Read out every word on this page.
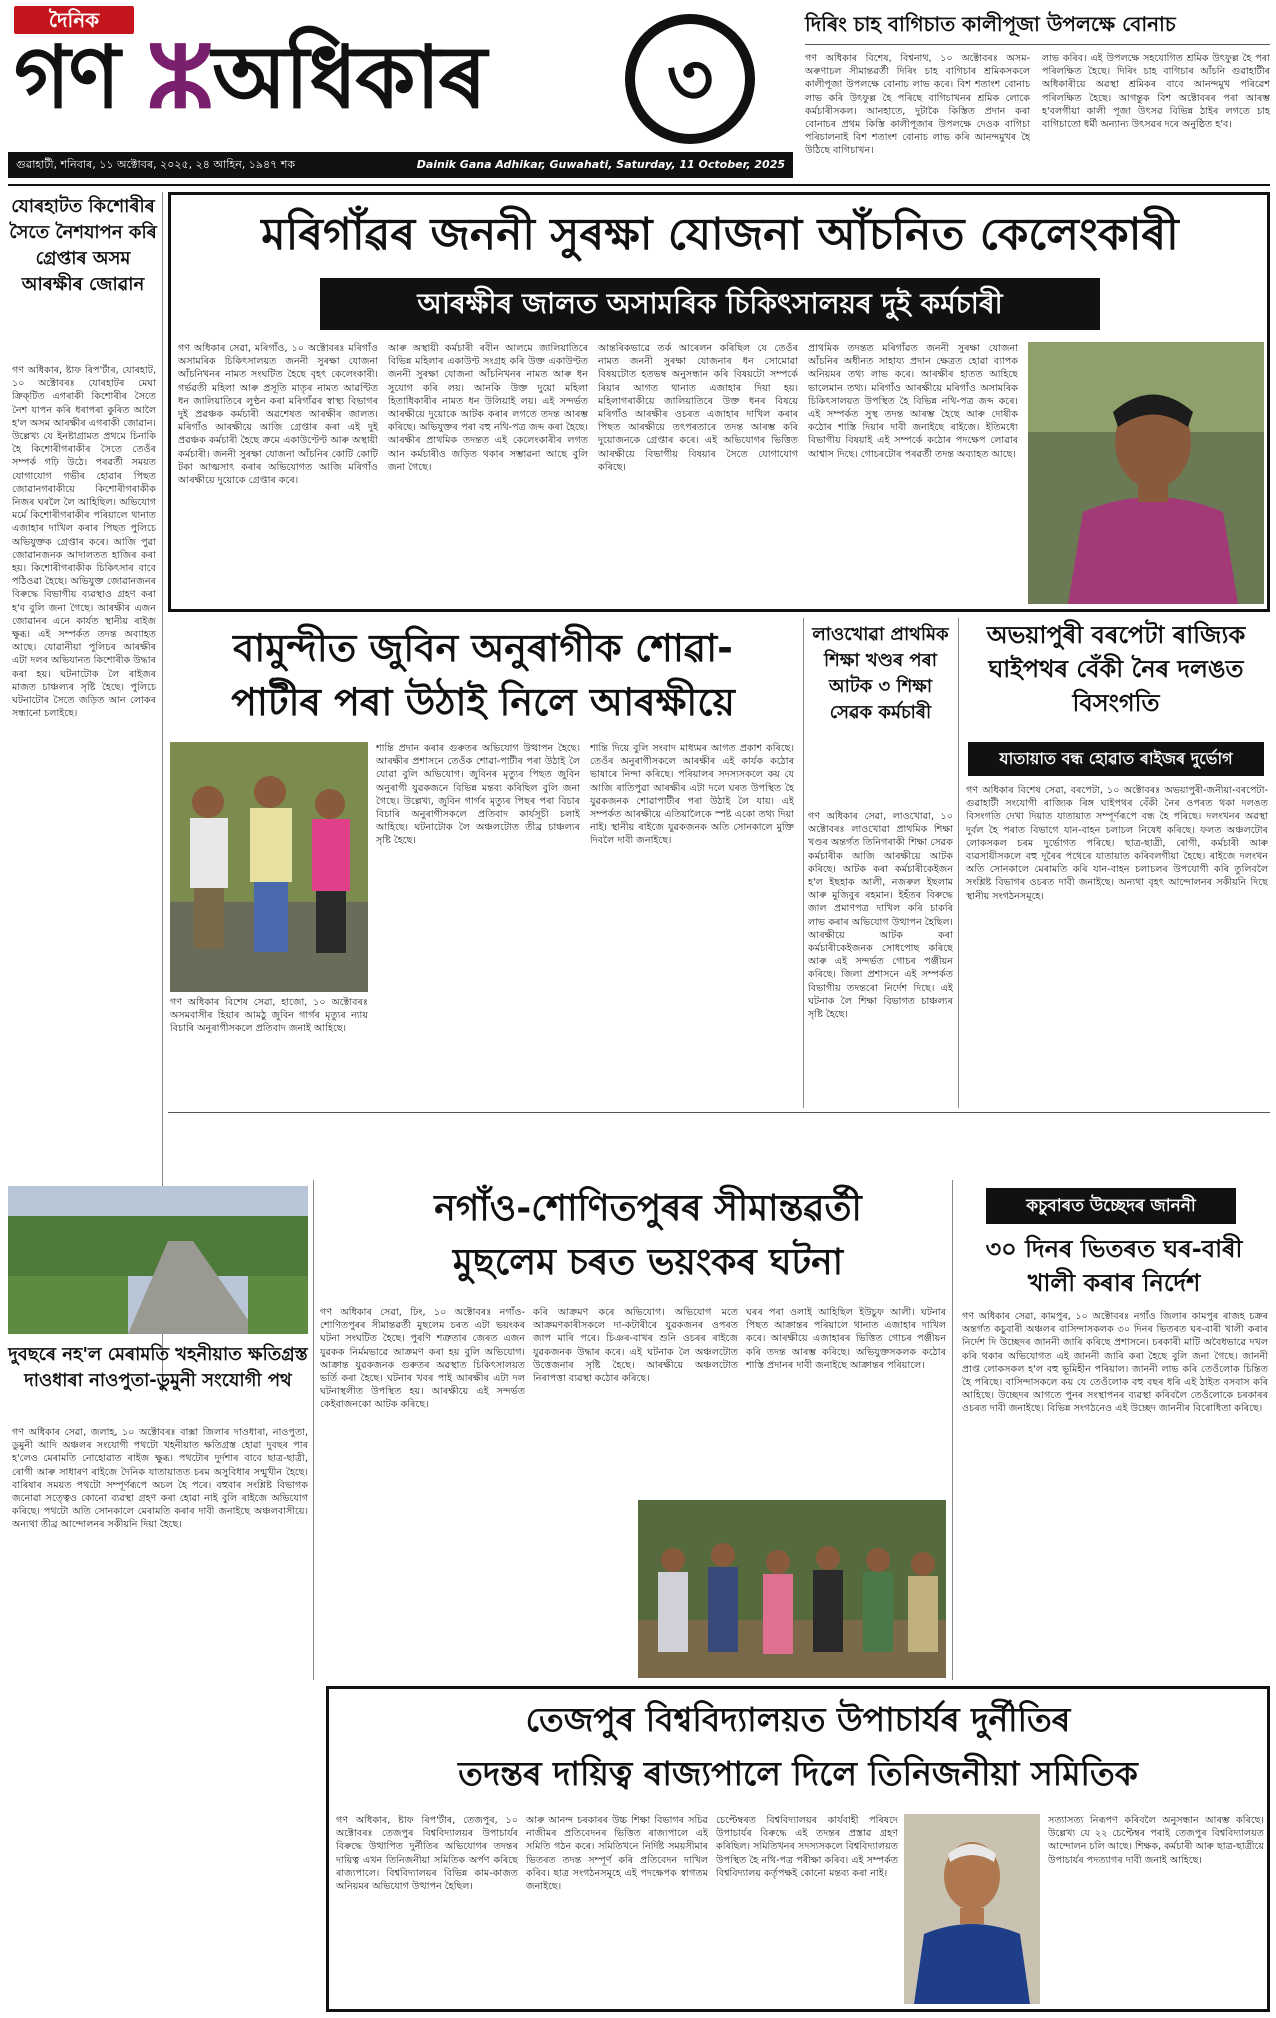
দৈনিক
গণ ⵣঅধিকাৰ	৩
গুৱাহাটী, শনিবাৰ, ১১ অক্টোবৰ, ২০২৫, ২৪ আহিন, ১৯৪৭ শক	Dainik Gana Adhikar, Guwahati, Saturday, 11 October, 2025
দিৰিং চাহ বাগিচাত কালীপূজা উপলক্ষে বোনাচ
গণ অধিকাৰ বিশেষ, বিশ্বনাথ, ১০ অক্টোবৰঃ অসম- অৰুণাচল সীমান্তৱৰ্তী দিৰিং চাহ বাগিচাৰ শ্ৰমিকসকলে কালীপূজা উপলক্ষে বোনাচ লাভ কৰে। বিশ শতাংশ বোনাচ লাভ কৰি উৎফুল্ল হৈ পৰিছে বাগিচাখনৰ শ্ৰমিক লোকে কৰ্মচাৰীসকল। আনহাতে, দুটাকৈ কিস্তিত প্ৰদান কৰা বোনাচৰ প্ৰথম কিস্তি কালীপূজাৰ উপলক্ষে দেওক বাগিচা পৰিচালনাই বিশ শতাংশ বোনাচ লাভ কৰি আনন্দমুখৰ হৈ উঠিছে বাগিচাখন।
লাভ কৰিব। এই উপলক্ষে সহযোগিত শ্ৰমিক উৎফুল্ল হৈ পৰা পৰিলক্ষিত হৈছে। দিৰিং চাহ বাগিচাৰ আঁচনি গুৱাহাটীৰ অধিকাৰীয়ে অৱস্থা শ্ৰমিকৰ বাবে আনন্দমুখ পৰিৱেশ পৰিলক্ষিত হৈছে। আগন্তুক বিশ অক্টোবৰৰ পৰা আৰম্ভ হ'বলগীয়া কালী পূজা উৎসৱ বিভিন্ন ঠাইৰ লগতে চাহ বাগিচাতো ধৰ্মী অন্যান্য উৎসৱৰ দৰে অনুষ্ঠিত হ'ব।
যোৰহাটত কিশোৰীৰ সৈতে নৈশযাপন কৰি গ্ৰেপ্তাৰ অসম আৰক্ষীৰ জোৱান
গণ অধিকাৰ, ষ্টাফ ৰিপ'ৰ্টাৰ, যোৰহাট, ১০ অক্টোবৰঃ যোৰহাটৰ মেঘা ক্ৰিক্‌টিত এগৰাকী কিশোৰীৰ সৈতে নৈশ যাপন কৰি ধৰাপৰা কুৰিত আলৈ হ'ল অসম আৰক্ষীৰ এগৰাকী জোৱান। উল্লেখ্য যে ইনষ্টাগ্ৰামত প্ৰথমে চিনাকি হৈ কিশোৰীগৰাকীৰ সৈতে তেওঁৰ সম্পৰ্ক গঢ়ি উঠে। পৰৱৰ্তী সময়ত যোগাযোগ গভীৰ হোৱাৰ পিছত জোৱানগৰাকীয়ে কিশোৰীগৰাকীক নিজৰ ঘৰলৈ লৈ আহিছিল। অভিযোগ মৰ্মে কিশোৰীগৰাকীৰ পৰিয়ালে থানাত এজাহাৰ দাখিল কৰাৰ পিছত পুলিচে অভিযুক্তক গ্ৰেপ্তাৰ কৰে। আজি পুৱা জোৱানজনক আদালতত হাজিৰ কৰা হয়। কিশোৰীগৰাকীক চিকিৎসাৰ বাবে পঠিওৱা হৈছে। অভিযুক্ত জোৱানজনৰ বিৰুদ্ধে বিভাগীয় ব্যৱস্থাও গ্ৰহণ কৰা হ'ব বুলি জনা গৈছে। আৰক্ষীৰ এজন জোৱানৰ এনে কাৰ্যত স্থানীয় ৰাইজ ক্ষুব্ধ। এই সম্পৰ্কত তদন্ত অব্যাহত আছে। যোৱানীয়া পুলিচৰ আৰক্ষীৰ এটা দলৰ অভিযানত কিশোৰীক উদ্ধাৰ কৰা হয়। ঘটনাটোক লৈ ৰাইজৰ মাজত চাঞ্চল্যৰ সৃষ্টি হৈছে। পুলিচে ঘটনাটোৰ সৈতে জড়িত আন লোকৰ সন্ধানো চলাইছে।
মৰিগাঁৱৰ জননী সুৰক্ষা যোজনা আঁচনিত কেলেংকাৰী
আৰক্ষীৰ জালত অসামৰিক চিকিৎসালয়ৰ দুই কৰ্মচাৰী
গণ অধিকাৰ সেৱা, মৰিগাঁও, ১০ অক্টোবৰঃ মৰিগাঁও অসামৰিক চিকিৎসালয়ত জননী সুৰক্ষা যোজনা আঁচনিখনৰ নামত সংঘটিত হৈছে বৃহৎ কেলেংকাৰী। গৰ্ভৱতী মহিলা আৰু প্ৰসূতি মাতৃৰ নামত আৱণ্টিত ধন জালিয়াতিৰে লুণ্ঠন কৰা মৰিগাঁৱৰ স্বাস্থ্য বিভাগৰ দুই প্ৰৱঞ্চক কৰ্মচাৰী অৱশেষত আৰক্ষীৰ জালত। মৰিগাঁও আৰক্ষীয়ে আজি গ্ৰেপ্তাৰ কৰা এই দুই প্ৰৱঞ্চক কৰ্মচাৰী হৈছে ক্ৰমে একাউণ্টেণ্ট আৰু অস্থায়ী কৰ্মচাৰী। জননী সুৰক্ষা যোজনা আঁচনিৰ কোটি কোটি টকা আত্মসাৎ কৰাৰ অভিযোগত আজি মৰিগাঁও আৰক্ষীয়ে দুয়োকে গ্ৰেপ্তাৰ কৰে।
আৰু অস্থায়ী কৰ্মচাৰী ৰবীন আলমে জালিয়াতিৰে বিভিন্ন মহিলাৰ একাউণ্ট সংগ্ৰহ কৰি উক্ত একাউণ্টত জননী সুৰক্ষা যোজনা আঁচনিখনৰ নামত আৰু ধন সুযোগ কৰি লয়। আনকি উক্ত দুয়ো মহিলা হিতাধিকাৰীৰ নামত ধন উলিয়াই লয়। এই সন্দৰ্ভত আৰক্ষীয়ে দুয়োকে আটক কৰাৰ লগতে তদন্ত আৰম্ভ কৰিছে। অভিযুক্তৰ পৰা বহু নথি-পত্ৰ জব্দ কৰা হৈছে। আৰক্ষীৰ প্ৰাথমিক তদন্তত এই কেলেংকাৰীৰ লগত আন কৰ্মচাৰীও জড়িত থকাৰ সম্ভাৱনা আছে বুলি জনা গৈছে।
আন্তৰিকভাৱে তৰ্ক আৰেলন কৰিছিল যে তেওঁৰ নামত জননী সুৰক্ষা যোজনাৰ ধন সোমোৱা বিষয়টোত হতভম্ব অনুসন্ধান কৰি বিষয়টো সম্পৰ্কে ৰিয়াৰ আগত থানাত এজাহাৰ দিয়া হয়। মহিলাগৰাকীয়ে জালিয়াতিৰে উক্ত ধনৰ বিষয়ে মৰিগাঁও আৰক্ষীৰ ওচৰত এজাহাৰ দাখিল কৰাৰ পিছত আৰক্ষীয়ে তৎপৰতাৰে তদন্ত আৰম্ভ কৰি দুয়োজনকে গ্ৰেপ্তাৰ কৰে। এই অভিযোগৰ ভিত্তিত আৰক্ষীয়ে বিভাগীয় বিষয়াৰ সৈতে যোগাযোগ কৰিছে।
প্ৰাথমিক তদন্তত মৰিগাঁৱত জননী সুৰক্ষা যোজনা আঁচনিৰ অধীনত সাহায্য প্ৰদান ক্ষেত্ৰত হোৱা ব্যাপক অনিয়মৰ তথ্য লাভ কৰে। আৰক্ষীৰ হাতত আহিছে ভালেমান তথ্য। মৰিগাঁও আৰক্ষীয়ে মৰিগাঁও অসামৰিক চিকিৎসালয়ত উপস্থিত হৈ বিভিন্ন নথি-পত্ৰ জব্দ কৰে। এই সম্পৰ্কত সুস্থ তদন্ত আৰম্ভ হৈছে আৰু দোষীক কঠোৰ শাস্তি দিয়াৰ দাবী জনাইছে ৰাইজে। ইতিমধ্যে বিভাগীয় বিষয়াই এই সম্পৰ্কে কঠোৰ পদক্ষেপ লোৱাৰ আশ্বাস দিছে। গোচৰটোৰ পৰৱৰ্তী তদন্ত অব্যাহত আছে।
বামুন্দীত জুবিন অনুৰাগীক শোৱা-
পাটীৰ পৰা উঠাই নিলে আৰক্ষীয়ে
গণ অধিকাৰ বিশেষ সেৱা, হাজো, ১০ অক্টোবৰঃ অসমবাসীৰ হিয়াৰ আমঠু জুবিন গাৰ্গৰ মৃত্যুৰ ন্যায় বিচাৰি অনুৰাগীসকলে প্ৰতিবাদ জনাই আহিছে।
শান্তি প্ৰদান কৰাৰ গুৰুতৰ অভিযোগ উত্থাপন হৈছে। আৰক্ষীৰ প্ৰশাসনে তেওঁক শোৱা-পাটীৰ পৰা উঠাই লৈ যোৱা বুলি অভিযোগ। জুবিনৰ মৃত্যুৰ পিছত জুবিন অনুৰাগী যুৱকজনে বিভিন্ন মন্তব্য কৰিছিল বুলি জনা গৈছে। উল্লেখ্য, জুবিন গাৰ্গৰ মৃত্যুৰ পিছৰ পৰা বিচাৰ বিচাৰি অনুৰাগীসকলে প্ৰতিবাদ কাৰ্যসূচী চলাই আহিছে। ঘটনাটোক লৈ অঞ্চলটোত তীব্ৰ চাঞ্চল্যৰ সৃষ্টি হৈছে।
শান্তি দিয়ে বুলি সংবাদ মাধ্যমৰ আগত প্ৰকাশ কৰিছে। তেওঁৰ অনুৰাগীসকলে আৰক্ষীৰ এই কাৰ্যক কঠোৰ ভাষাৰে নিন্দা কৰিছে। পৰিয়ালৰ সদস্যসকলে কয় যে আজি ৰাতিপুৱা আৰক্ষীৰ এটা দলে ঘৰত উপস্থিত হৈ যুৱকজনক শোৱাপাটীৰ পৰা উঠাই লৈ যায়। এই সম্পৰ্কত আৰক্ষীয়ে এতিয়ালৈকে স্পষ্ট একো তথ্য দিয়া নাই। স্থানীয় ৰাইজে যুৱকজনক অতি সোনকালে মুক্তি দিবলৈ দাবী জনাইছে।
লাওখোৱা প্ৰাথমিক শিক্ষা খণ্ডৰ পৰা আটক ৩ শিক্ষা সেৱক কৰ্মচাৰী
গণ অধিকাৰ সেৱা, লাওখোৱা, ১০ অক্টোবৰঃ লাওখোৱা প্ৰাথমিক শিক্ষা খণ্ডৰ অন্তৰ্গত তিনিগৰাকী শিক্ষা সেৱক কৰ্মচাৰীক আজি আৰক্ষীয়ে আটক কৰিছে। আটক কৰা কৰ্মচাৰীকেইজন হ'ল ইছহাক আলী, নজৰুল ইছলাম আৰু মুজিবুৰ ৰহমান। ইহঁতৰ বিৰুদ্ধে জাল প্ৰমাণপত্ৰ দাখিল কৰি চাকৰি লাভ কৰাৰ অভিযোগ উত্থাপন হৈছিল। আৰক্ষীয়ে আটক কৰা কৰ্মচাৰীকেইজনক সোধপোছ কৰিছে আৰু এই সন্দৰ্ভত গোচৰ পঞ্জীয়ন কৰিছে। জিলা প্ৰশাসনে এই সম্পৰ্কত বিভাগীয় তদন্তৰো নিৰ্দেশ দিছে। এই ঘটনাক লৈ শিক্ষা বিভাগত চাঞ্চল্যৰ সৃষ্টি হৈছে।
অভয়াপুৰী বৰপেটা ৰাজ্যিক ঘাইপথৰ বেঁকী নৈৰ দলঙত বিসংগতি
যাতায়াত বন্ধ হোৱাত ৰাইজৰ দুৰ্ভোগ
গণ অধিকাৰ বিশেষ সেৱা, বৰপেটা, ১০ অক্টোবৰঃ অভয়াপুৰী-জনীয়া-বৰপেটা-গুৱাহাটী সংযোগী ৰাজ্যিক ৰিঙ্গ ঘাইপথৰ বেঁকী নৈৰ ওপৰত থকা দলঙত বিসংগতি দেখা দিয়াত যাতায়াত সম্পূৰ্ণৰূপে বন্ধ হৈ পৰিছে। দলংখনৰ অৱস্থা দুৰ্বল হৈ পৰাত বিভাগে যান-বাহন চলাচল নিষেধ কৰিছে। ফলত অঞ্চলটোৰ লোকসকল চৰম দুৰ্ভোগত পৰিছে। ছাত্ৰ-ছাত্ৰী, ৰোগী, কৰ্মচাৰী আৰু ব্যৱসায়ীসকলে বহু দূৰৈৰ পথেৰে যাতায়াত কৰিবলগীয়া হৈছে। ৰাইজে দলংখন অতি সোনকালে মেৰামতি কৰি যান-বাহন চলাচলৰ উপযোগী কৰি তুলিবলৈ সংশ্লিষ্ট বিভাগৰ ওচৰত দাবী জনাইছে। অন্যথা বৃহৎ আন্দোলনৰ সকীয়নি দিছে স্থানীয় সংগঠনসমূহে।
দুবছৰে নহ'ল মেৰামতি খহনীয়াত ক্ষতিগ্ৰস্ত দাওধাৰা নাওপুতা-ডুমুনী সংযোগী পথ
গণ অধিকাৰ সেৱা, জলাহ, ১০ অক্টোবৰঃ বাক্সা জিলাৰ দাওধাৰা, নাওপুতা, ডুমুনী আদি অঞ্চলৰ সংযোগী পথটো খহনীয়াত ক্ষতিগ্ৰস্ত হোৱা দুবছৰ পাৰ হ'লেও মেৰামতি নোহোৱাত ৰাইজ ক্ষুব্ধ। পথটোৰ দুৰ্দশাৰ বাবে ছাত্ৰ-ছাত্ৰী, ৰোগী আৰু সাধাৰণ ৰাইজে দৈনিক যাতায়াতত চৰম অসুবিধাৰ সন্মুখীন হৈছে। বাৰিষাৰ সময়ত পথটো সম্পূৰ্ণৰূপে অচল হৈ পৰে। বহুবাৰ সংশ্লিষ্ট বিভাগক জনোৱা সত্ত্বেও কোনো ব্যৱস্থা গ্ৰহণ কৰা হোৱা নাই বুলি ৰাইজে অভিযোগ কৰিছে। পথটো অতি সোনকালে মেৰামতি কৰাৰ দাবী জনাইছে অঞ্চলবাসীয়ে। অন্যথা তীব্ৰ আন্দোলনৰ সকীয়নি দিয়া হৈছে।
নগাঁও-শোণিতপুৰৰ সীমান্তৱৰ্তী
মুছলেম চৰত ভয়ংকৰ ঘটনা
গণ অধিকাৰ সেৱা, ঢিং, ১০ অক্টোবৰঃ নগাঁও-শোণিতপুৰৰ সীমান্তৱৰ্তী মুছলেম চৰত এটা ভয়ংকৰ ঘটনা সংঘটিত হৈছে। পুৰণি শত্ৰুতাৰ জেৰত এজন যুৱকক নিৰ্মমভাৱে আক্ৰমণ কৰা হয় বুলি অভিযোগ। আক্ৰান্ত যুৱকজনক গুৰুতৰ অৱস্থাত চিকিৎসালয়ত ভৰ্তি কৰা হৈছে। ঘটনাৰ খবৰ পাই আৰক্ষীৰ এটা দল ঘটনাস্থলীত উপস্থিত হয়। আৰক্ষীয়ে এই সন্দৰ্ভত কেইবাজনকো আটক কৰিছে।
কৰি আক্ৰমণ কৰে অভিযোগ। অভিযোগ মতে আক্ৰমণকাৰীসকলে দা-কটাৰীৰে যুৱকজনৰ ওপৰত জাপ মাৰি পৰে। চিঞৰ-বাখৰ শুনি ওচৰৰ ৰাইজে যুৱকজনক উদ্ধাৰ কৰে। এই ঘটনাক লৈ অঞ্চলটোত উত্তেজনাৰ সৃষ্টি হৈছে। আৰক্ষীয়ে অঞ্চলটোত নিৰাপত্তা ব্যৱস্থা কঠোৰ কৰিছে।
ঘৰৰ পৰা ওলাই আহিছিল ইউচুফ আলী। ঘটনাৰ পিছত আক্ৰান্তৰ পৰিয়ালে থানাত এজাহাৰ দাখিল কৰে। আৰক্ষীয়ে এজাহাৰৰ ভিত্তিত গোচৰ পঞ্জীয়ন কৰি তদন্ত আৰম্ভ কৰিছে। অভিযুক্তসকলক কঠোৰ শাস্তি প্ৰদানৰ দাবী জনাইছে আক্ৰান্তৰ পৰিয়ালে।
কচুবাৰত উচ্ছেদৰ জাননী
৩০ দিনৰ ভিতৰত ঘৰ-বাৰী খালী কৰাৰ নিৰ্দেশ
গণ অধিকাৰ সেৱা, কামপুৰ, ১০ অক্টোবৰঃ নগাঁও জিলাৰ কামপুৰ ৰাজহ চক্ৰৰ অন্তৰ্গত কচুবাৰী অঞ্চলৰ বাসিন্দাসকলক ৩০ দিনৰ ভিতৰত ঘৰ-বাৰী খালী কৰাৰ নিৰ্দেশ দি উচ্ছেদৰ জাননী জাৰি কৰিছে প্ৰশাসনে। চৰকাৰী মাটি অবৈধভাৱে দখল কৰি থকাৰ অভিযোগত এই জাননী জাৰি কৰা হৈছে বুলি জনা গৈছে। জাননী প্ৰাপ্ত লোকসকল হ'ল বহু ভূমিহীন পৰিয়াল। জাননী লাভ কৰি তেওঁলোক চিন্তিত হৈ পৰিছে। বাসিন্দাসকলে কয় যে তেওঁলোক বহু বছৰ ধৰি এই ঠাইত বসবাস কৰি আহিছে। উচ্ছেদৰ আগতে পুনৰ সংস্থাপনৰ ব্যৱস্থা কৰিবলৈ তেওঁলোকে চৰকাৰৰ ওচৰত দাবী জনাইছে। বিভিন্ন সংগঠনেও এই উচ্ছেদ জাননীৰ বিৰোধিতা কৰিছে।
তেজপুৰ বিশ্ববিদ্যালয়ত উপাচাৰ্যৰ দুৰ্নীতিৰ
তদন্তৰ দায়িত্ব ৰাজ্যপালে দিলে তিনিজনীয়া সমিতিক
গণ অধিকাৰ, ষ্টাফ ৰিপ'ৰ্টাৰ, তেজপুৰ, ১০ অক্টোবৰঃ তেজপুৰ বিশ্ববিদ্যালয়ৰ উপাচাৰ্যৰ বিৰুদ্ধে উত্থাপিত দুৰ্নীতিৰ অভিযোগৰ তদন্তৰ দায়িত্ব এখন তিনিজনীয়া সমিতিক অৰ্পণ কৰিছে ৰাজ্যপালে। বিশ্ববিদ্যালয়ৰ বিভিন্ন কাম-কাজত অনিয়মৰ অভিযোগ উত্থাপন হৈছিল।
আৰু আনন্দ চৰকাৰৰ উচ্চ শিক্ষা বিভাগৰ সচিৱ নাজীমৰ প্ৰতিবেদনৰ ভিত্তিত ৰাজ্যপালে এই সমিতি গঠন কৰে। সমিতিখনে নিৰ্দিষ্ট সময়সীমাৰ ভিতৰত তদন্ত সম্পূৰ্ণ কৰি প্ৰতিবেদন দাখিল কৰিব। ছাত্ৰ সংগঠনসমূহে এই পদক্ষেপক স্বাগতম জনাইছে।
চেপ্টেম্বৰত বিশ্ববিদ্যালয়ৰ কাৰ্যবাহী পৰিষদে উপাচাৰ্যৰ বিৰুদ্ধে এই তদন্তৰ প্ৰস্তাৱ গ্ৰহণ কৰিছিল। সমিতিখনৰ সদস্যসকলে বিশ্ববিদ্যালয়ত উপস্থিত হৈ নথি-পত্ৰ পৰীক্ষা কৰিব। এই সম্পৰ্কত বিশ্ববিদ্যালয় কৰ্তৃপক্ষই কোনো মন্তব্য কৰা নাই।
সত্যাসত্য নিৰূপণ কৰিবলৈ অনুসন্ধান আৰম্ভ কৰিছে। উল্লেখ্য যে ২২ চেপ্টেম্বৰ পৰাই তেজপুৰ বিশ্ববিদ্যালয়ত আন্দোলন চলি আছে। শিক্ষক, কৰ্মচাৰী আৰু ছাত্ৰ-ছাত্ৰীয়ে উপাচাৰ্যৰ পদত্যাগৰ দাবী জনাই আহিছে।
